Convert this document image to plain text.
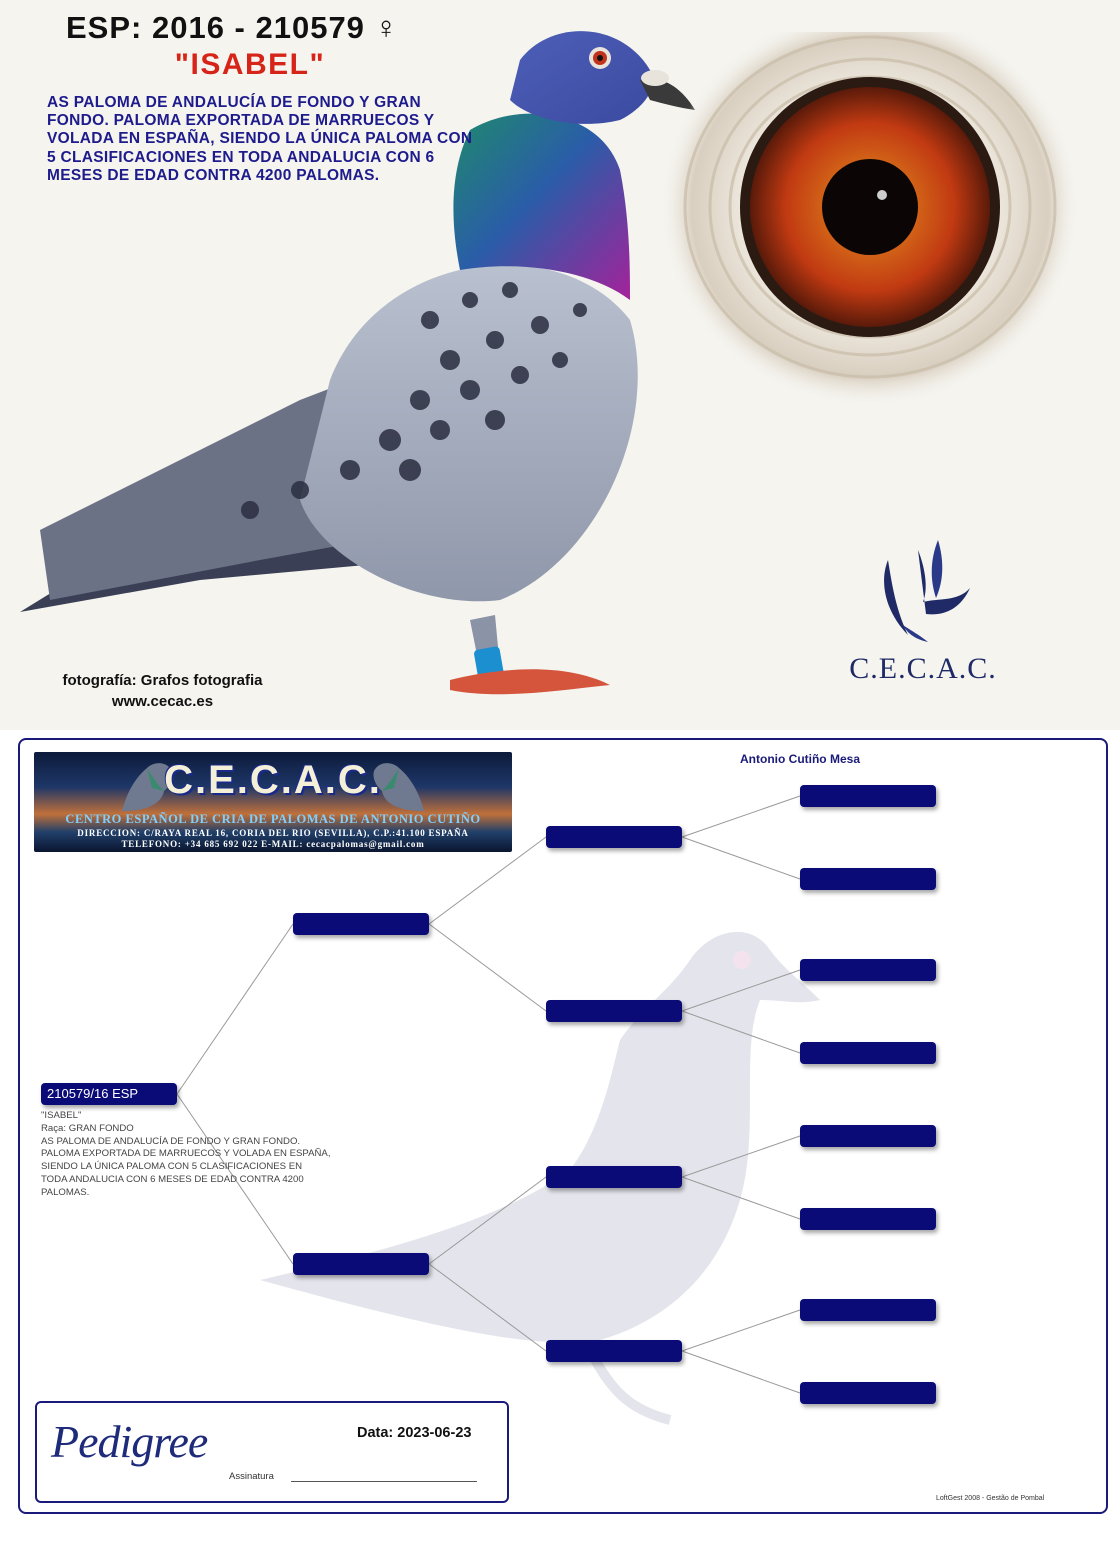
ESP: 2016 - 210579 ♀
"ISABEL"
AS PALOMA DE ANDALUCÍA DE FONDO Y GRAN FONDO. PALOMA EXPORTADA DE MARRUECOS Y VOLADA EN ESPAÑA, SIENDO LA ÚNICA PALOMA CON 5 CLASIFICACIONES EN TODA ANDALUCIA CON 6 MESES DE EDAD CONTRA 4200 PALOMAS.
fotografía: Grafos fotografia
www.cecac.es
C.E.C.A.C.
C.E.C.A.C.
CENTRO ESPAÑOL DE CRIA DE PALOMAS DE ANTONIO CUTIÑO
DIRECCION: C/RAYA REAL 16, CORIA DEL RIO (SEVILLA), C.P.:41.100 ESPAÑA
TELEFONO: +34 685 692 022 E-MAIL: cecacpalomas@gmail.com
Antonio Cutiño Mesa
210579/16 ESP
"ISABEL"
Raça: GRAN FONDO
AS PALOMA DE ANDALUCÍA DE FONDO Y GRAN FONDO.
PALOMA EXPORTADA DE MARRUECOS Y VOLADA EN ESPAÑA,
SIENDO LA ÚNICA PALOMA CON 5 CLASIFICACIONES EN
TODA ANDALUCIA CON 6 MESES DE EDAD CONTRA 4200
PALOMAS.
Pedigree	Data: 2023-06-23
Assinatura
LoftGest 2008 - Gestão de Pombal
